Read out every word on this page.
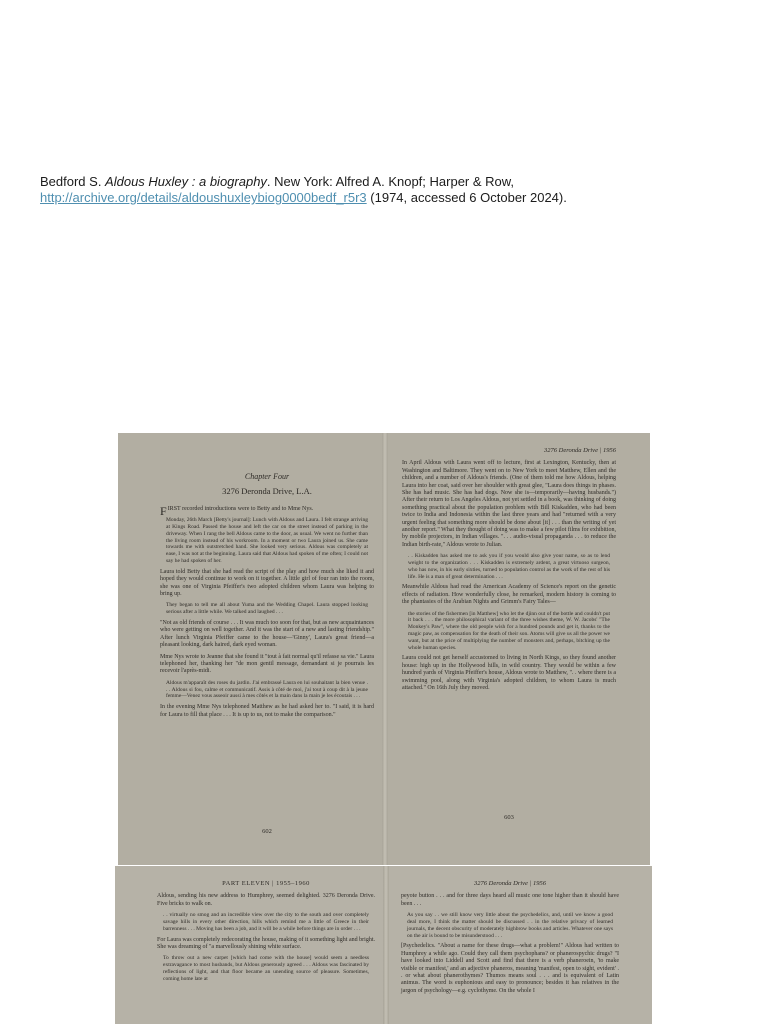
Bedford S. Aldous Huxley : a biography. New York: Alfred A. Knopf; Harper & Row,
http://archive.org/details/aldoushuxleybiog0000bedf_r5r3 (1974, accessed 6 October 2024).
Chapter Four
3276 Deronda Drive, L.A.

FIRST recorded introductions were to Betty and to Mme Nys.

Monday, 26th March [Betty's journal]: Lunch with Aldous and Laura. I felt strange arriving at Kings Road. Passed the house and left the car on the street instead of parking in the driveway. When I rang the bell Aldous came to the door, as usual. We went no further than the living room instead of his workroom. In a moment or two Laura joined us. She came towards me with outstretched hand. She looked very serious. Aldous was completely at ease, I was not at the beginning. Laura said that Aldous had spoken of me often; I could not say he had spoken of her.

Laura told Betty that she had read the script of the play and how much she liked it and hoped they would continue to work on it together. A little girl of four ran into the room, she was one of Virginia Pfeiffer's two adopted children whom Laura was helping to bring up.

They began to tell me all about Yuma and the Wedding Chapel. Laura stopped looking serious after a little while. We talked and laughed . . .

"Not as old friends of course . . . It was much too soon for that, but as new acquaintances who were getting on well together. And it was the start of a new and lasting friendship." After lunch Virginia Pfeiffer came to the house—'Ginny', Laura's great friend—a pleasant looking, dark haired, dark eyed woman.

Mme Nys wrote to Jeanne that she found it "tout à fait normal qu'il refasse sa vie." Laura telephoned her, thanking her "de mon gentil message, demandant si je pourrais les recevoir l'après-midi.

Aldous m'apparaît des roses du jardin. J'ai embrassé Laura en lui souhaitant la bien venue . . . Aldous si fou, calme et communicatif. Assis à côté de moi, j'ai tout à coup dit à la jeune femme—Venez vous asseoir aussi à mes côtés et la main dans la main je les écoutais . . .

In the evening Mme Nys telephoned Matthew as he had asked her to. "I said, it is hard for Laura to fill that place . . . It is up to us, not to make the comparison."

602
3276 Deronda Drive | 1956

In April Aldous with Laura went off to lecture, first at Lexington, Kentucky, then at Washington and Baltimore. They went on to New York to meet Matthew, Ellen and the children, and a number of Aldous's friends. (One of them told me how Aldous, helping Laura into her coat, said over her shoulder with great glee, "Laura does things in phases. She has had music. She has had dogs. Now she is—temporarily—having husbands.") After their return to Los Angeles Aldous, not yet settled in a book, was thinking of doing something practical about the population problem with Bill Kiskadden, who had been twice to India and Indonesia within the last three years and had "returned with a very urgent feeling that something more should be done about [it] . . . than the writing of yet another report." What they thought of doing was to make a few pilot films for exhibition, by mobile projectors, in Indian villages. ". . . audio-visual propaganda . . . to reduce the Indian birth-rate," Aldous wrote to Julian.

. . Kiskadden has asked me to ask you if you would also give your name, so as to lend weight to the organization . . . Kiskadden is extremely ardent, a great virtuoso surgeon, who has now, in his early sixties, turned to population control as the work of the rest of his life. He is a man of great determination . . .

Meanwhile Aldous had read the American Academy of Science's report on the genetic effects of radiation. How wonderfully close, he remarked, modern history is coming to the phantasies of the Arabian Nights and Grimm's Fairy Tales—

the stories of the fishermen [in Matthew] who let the djinn out of the bottle and couldn't put it back . . . the more philosophical variant of the three wishes theme, W. W. Jacobs' "The Monkey's Paw", where the old people wish for a hundred pounds and get it, thanks to the magic paw, as compensation for the death of their son. Atoms will give us all the power we want, but at the price of multiplying the number of monsters and, perhaps, bitching up the whole human species.

Laura could not get herself accustomed to living in North Kings, so they found another house: high up in the Hollywood hills, in wild country. They would be within a few hundred yards of Virginia Pfeiffer's house, Aldous wrote to Matthew, ". . where there is a swimming pool, along with Virginia's adopted children, to whom Laura is much attached." On 16th July they moved.

603
PART ELEVEN | 1955–1960

Aldous, sending his new address to Humphrey, seemed delighted. 3276 Deronda Drive. Five bricks to walk on.

. . virtually no smog and an incredible view over the city to the south and over completely savage hills in every other direction, hills which remind me a little of Greece in their barrenness . . . Moving has been a job, and it will be a while before things are in order . . .

For Laura was completely redecorating the house, making of it something light and bright. She was dreaming of "a marvellously shining white surface.

To throw out a new carpet [which had come with the house] would seem a needless extravagance to most husbands, but Aldous generously agreed . . . Aldous was fascinated by reflections of light, and that floor became an unending source of pleasure. Sometimes, coming home late at

3276 Deronda Drive | 1956

peyote button . . . and for three days heard all music one tone higher than it should have been . . .

As you say . . we still know very little about the psychedelics, and, until we know a good deal more, I think the matter should be discussed . . in the relative privacy of learned journals, the decent obscurity of moderately highbrow books and articles. Whatever one says on the air is bound to be misunderstood . . .

[Psychedelics. "About a name for these drugs—what a problem!" Aldous had written to Humphrey a while ago. Could they call them psychophans? or phanerospychic drugs? "I have looked into Liddell and Scott and find that there is a verb phaneroein, 'to make visible or manifest,' and an adjective phaneros, meaning 'manifest, open to sight, evident' . . or what about phanerothymes? Thumos means soul . . . and is equivalent of Latin animus. The word is euphonious and easy to pronounce; besides it has relatives in the jargon of psychology—e.g. cyclothyme. On the whole I
